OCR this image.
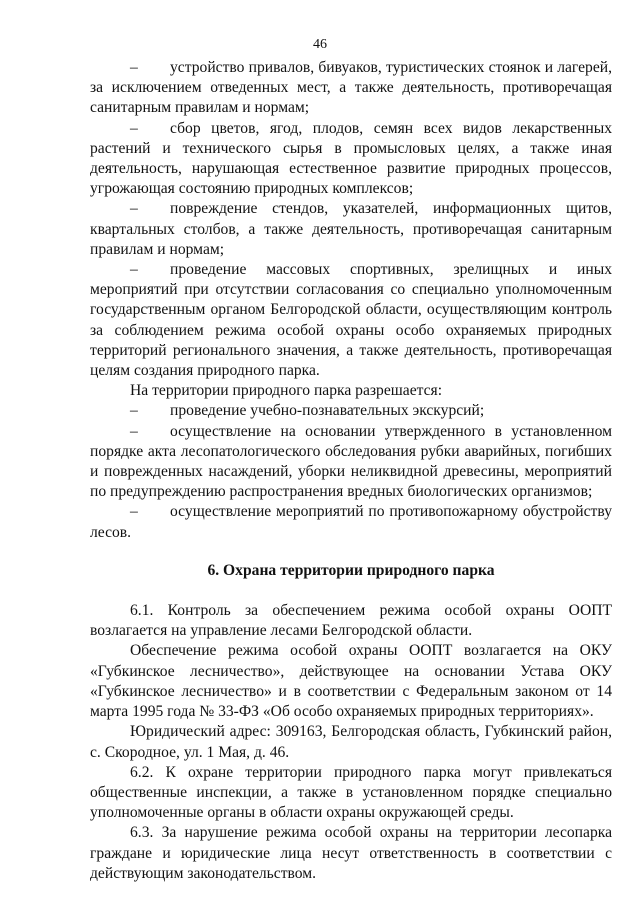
46

– устройство привалов, бивуаков, туристических стоянок и лагерей, за исключением отведенных мест, а также деятельность, противоречащая санитарным правилам и нормам;

– сбор цветов, ягод, плодов, семян всех видов лекарственных растений и технического сырья в промысловых целях, а также иная деятельность, нарушающая естественное развитие природных процессов, угрожающая состоянию природных комплексов;

– повреждение стендов, указателей, информационных щитов, квартальных столбов, а также деятельность, противоречащая санитарным правилам и нормам;

– проведение массовых спортивных, зрелищных и иных мероприятий при отсутствии согласования со специально уполномоченным государственным органом Белгородской области, осуществляющим контроль за соблюдением режима особой охраны особо охраняемых природных территорий регионального значения, а также деятельность, противоречащая целям создания природного парка.

На территории природного парка разрешается:

– проведение учебно-познавательных экскурсий;

– осуществление на основании утвержденного в установленном порядке акта лесопатологического обследования рубки аварийных, погибших и поврежденных насаждений, уборки неликвидной древесины, мероприятий по предупреждению распространения вредных биологических организмов;

– осуществление мероприятий по противопожарному обустройству лесов.

6. Охрана территории природного парка

6.1. Контроль за обеспечением режима особой охраны ООПТ возлагается на управление лесами Белгородской области.

Обеспечение режима особой охраны ООПТ возлагается на ОКУ «Губкинское лесничество», действующее на основании Устава ОКУ «Губкинское лесничество» и в соответствии с Федеральным законом от 14 марта 1995 года № 33-ФЗ «Об особо охраняемых природных территориях».

Юридический адрес: 309163, Белгородская область, Губкинский район, с. Скородное, ул. 1 Мая, д. 46.

6.2. К охране территории природного парка могут привлекаться общественные инспекции, а также в установленном порядке специально уполномоченные органы в области охраны окружающей среды.

6.3. За нарушение режима особой охраны на территории лесопарка граждане и юридические лица несут ответственность в соответствии с действующим законодательством.
